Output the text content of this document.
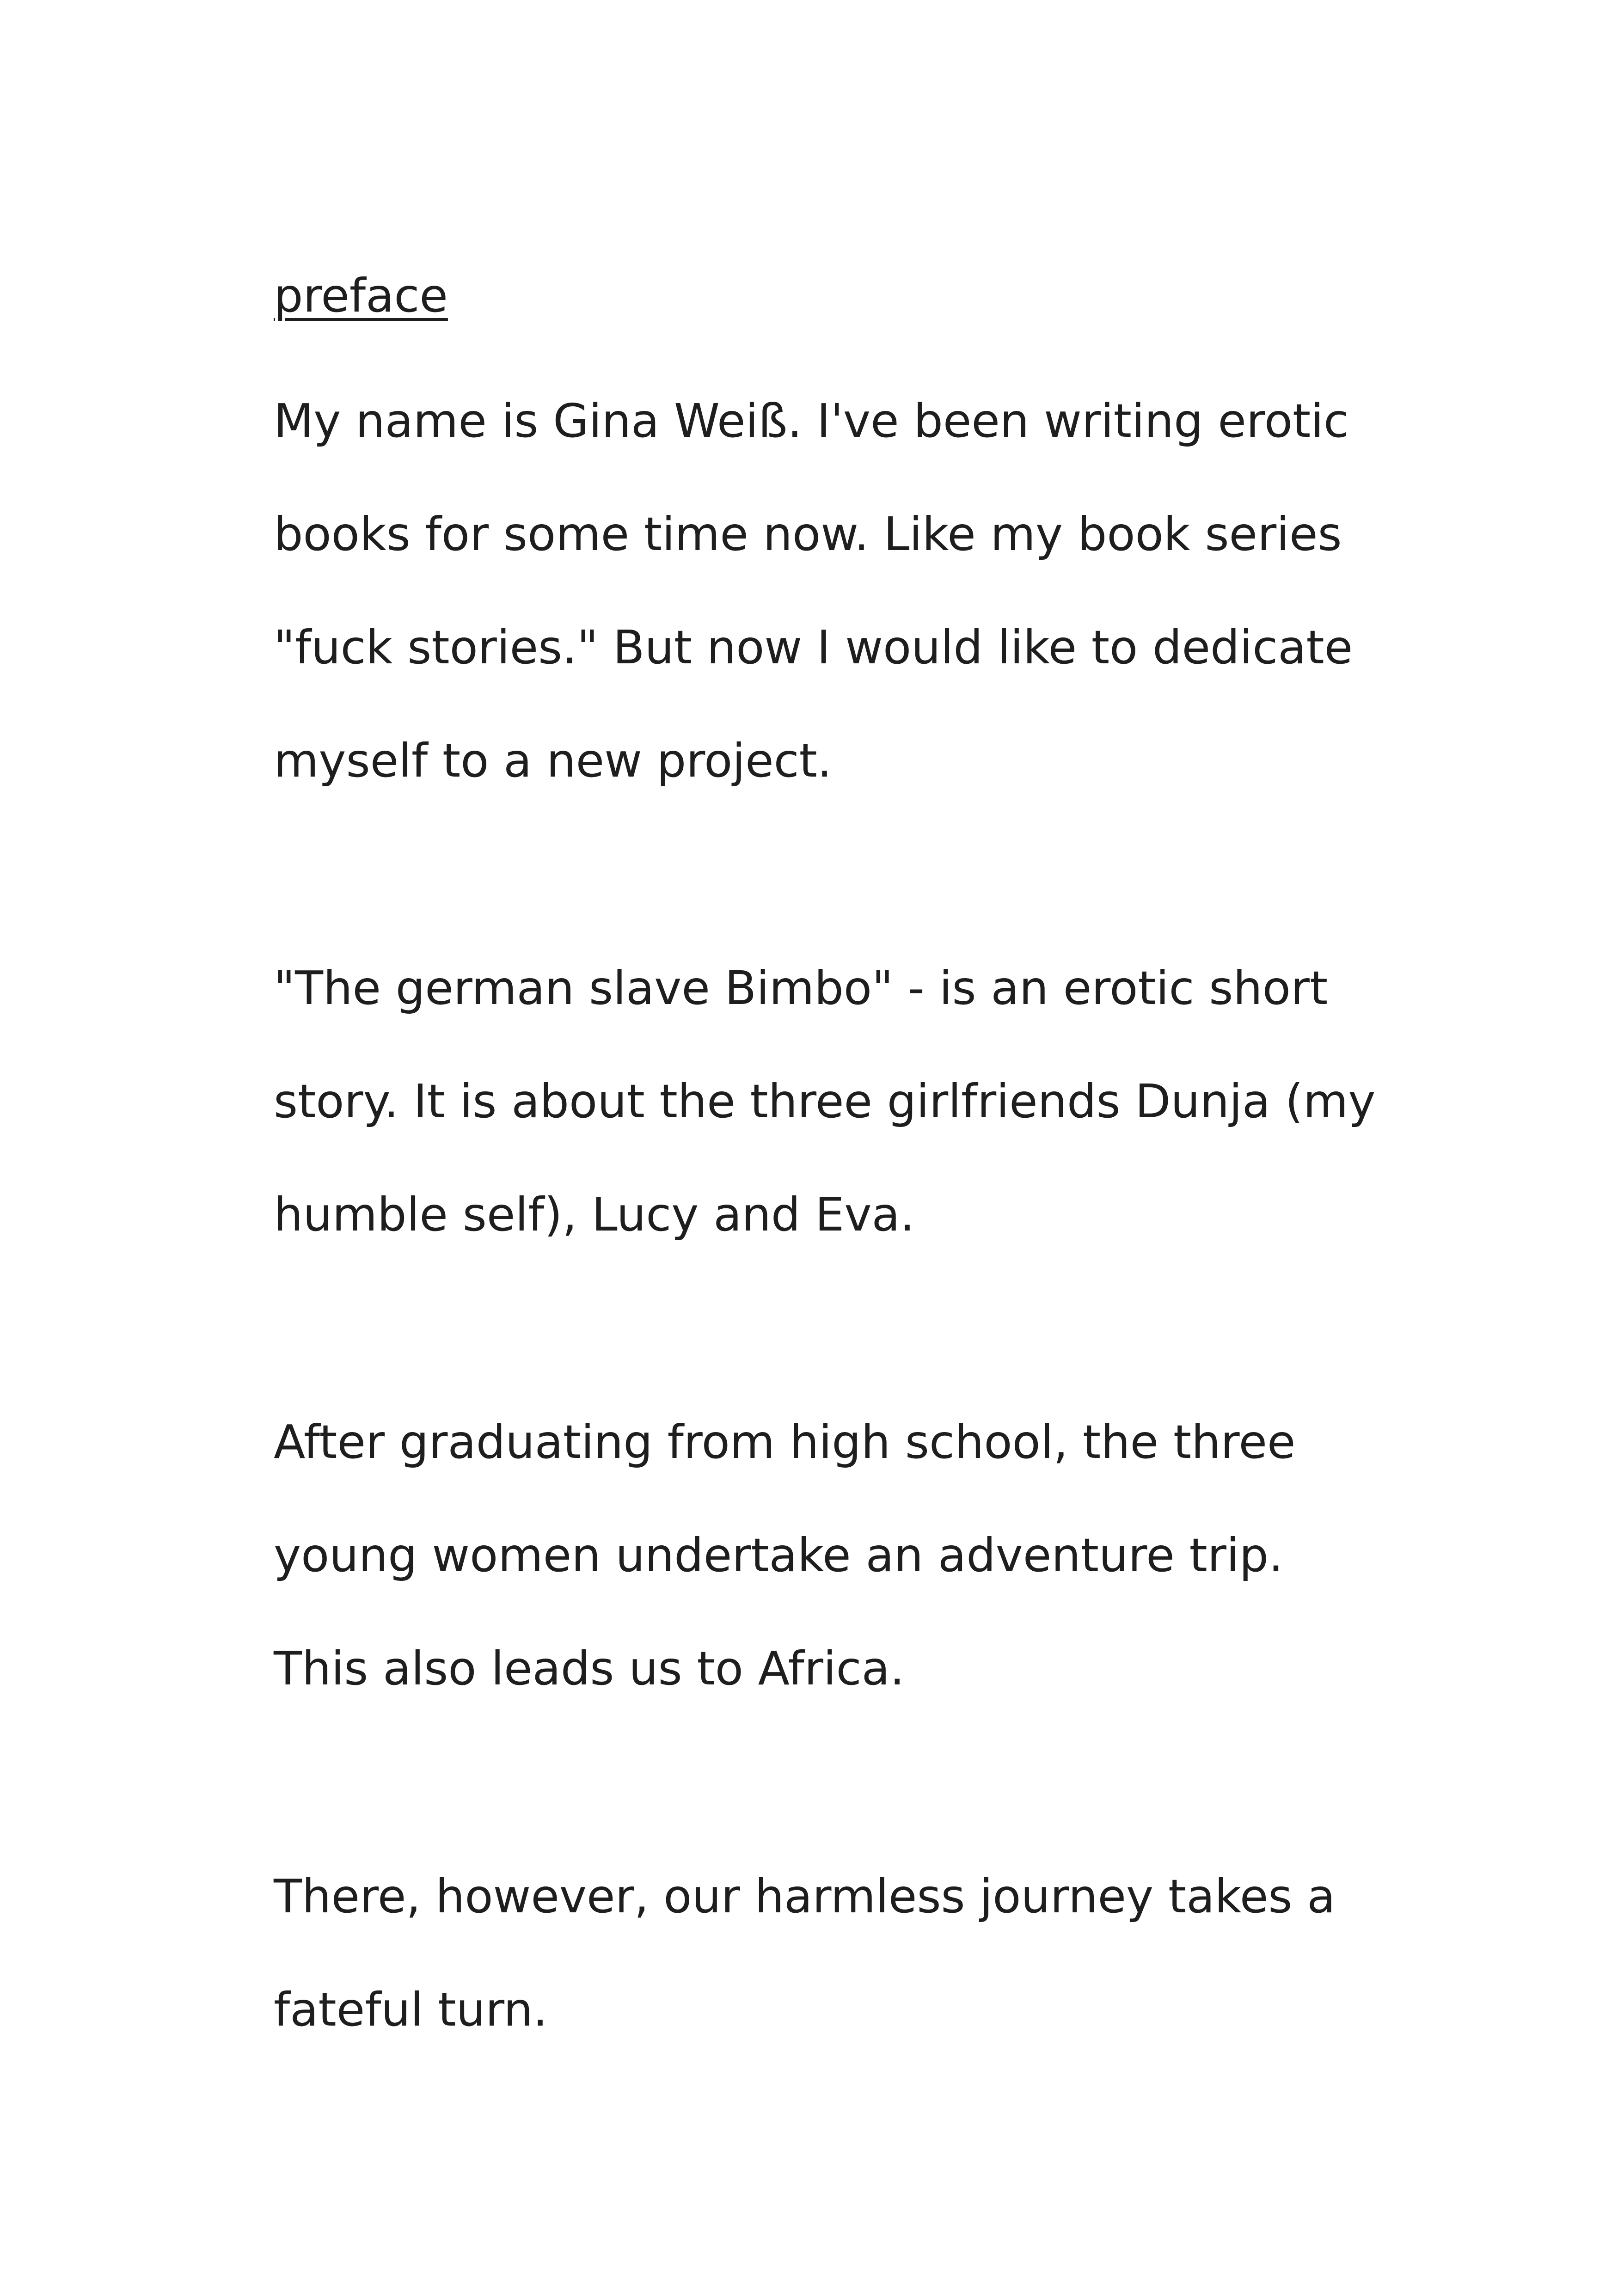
preface
My name is Gina Weiß. I've been writing erotic
books for some time now. Like my book series
"fuck stories." But now I would like to dedicate
myself to a new project.
"The german slave Bimbo" - is an erotic short
story. It is about the three girlfriends Dunja (my
humble self), Lucy and Eva.
After graduating from high school, the three
young women undertake an adventure trip.
This also leads us to Africa.
There, however, our harmless journey takes a
fateful turn.
